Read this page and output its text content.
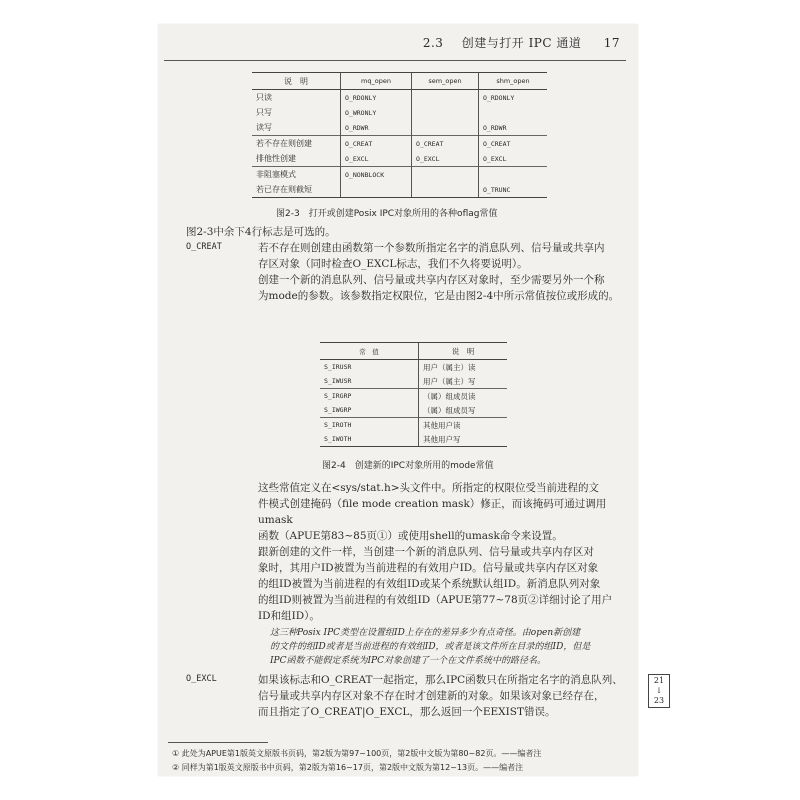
2.3 创建与打开 IPC 通道 17
说　明	mq_open	sem_open	shm_open
只读	O_RDONLY		O_RDONLY
只写	O_WRONLY		
读写	O_RDWR		O_RDWR
若不存在则创建	O_CREAT	O_CREAT	O_CREAT
排他性创建	O_EXCL	O_EXCL	O_EXCL
非阻塞模式	O_NONBLOCK		
若已存在则截短			O_TRUNC
图2-3  打开或创建Posix IPC对象所用的各种oflag常值
图2-3中余下4行标志是可选的。
O_CREAT	若不存在则创建由函数第一个参数所指定名字的消息队列、信号量或共享内
存区对象（同时检查O_EXCL标志，我们不久将要说明）。
创建一个新的消息队列、信号量或共享内存区对象时，至少需要另外一个称
为mode的参数。该参数指定权限位，它是由图2-4中所示常值按位或形成的。
常　值	说　明
S_IRUSR	用户（属主）读
S_IWUSR	用户（属主）写
S_IRGRP	（属）组成员读
S_IWGRP	（属）组成员写
S_IROTH	其他用户读
S_IWOTH	其他用户写
图2-4  创建新的IPC对象所用的mode常值
这些常值定义在<sys/stat.h>头文件中。所指定的权限位受当前进程的文
件模式创建掩码（file mode creation mask）修正，而该掩码可通过调用umask
函数（APUE第83~85页①）或使用shell的umask命令来设置。
跟新创建的文件一样，当创建一个新的消息队列、信号量或共享内存区对
象时，其用户ID被置为当前进程的有效用户ID。信号量或共享内存区对象
的组ID被置为当前进程的有效组ID或某个系统默认组ID。新消息队列对象
的组ID则被置为当前进程的有效组ID（APUE第77~78页②详细讨论了用户
ID和组ID）。
这三种Posix IPC类型在设置组ID上存在的差异多少有点奇怪。由open新创建
的文件的组ID或者是当前进程的有效组ID，或者是该文件所在目录的组ID，但是
IPC函数不能假定系统为IPC对象创建了一个在文件系统中的路径名。
O_EXCL	如果该标志和O_CREAT一起指定，那么IPC函数只在所指定名字的消息队列、
信号量或共享内存区对象不存在时才创建新的对象。如果该对象已经存在，
而且指定了O_CREAT|O_EXCL，那么返回一个EEXIST错误。
21
↓
23
① 此处为APUE第1版英文原版书页码，第2版为第97~100页，第2版中文版为第80~82页。——编者注
② 同样为第1版英文原版书中页码，第2版为第16~17页，第2版中文版为第12~13页。——编者注
